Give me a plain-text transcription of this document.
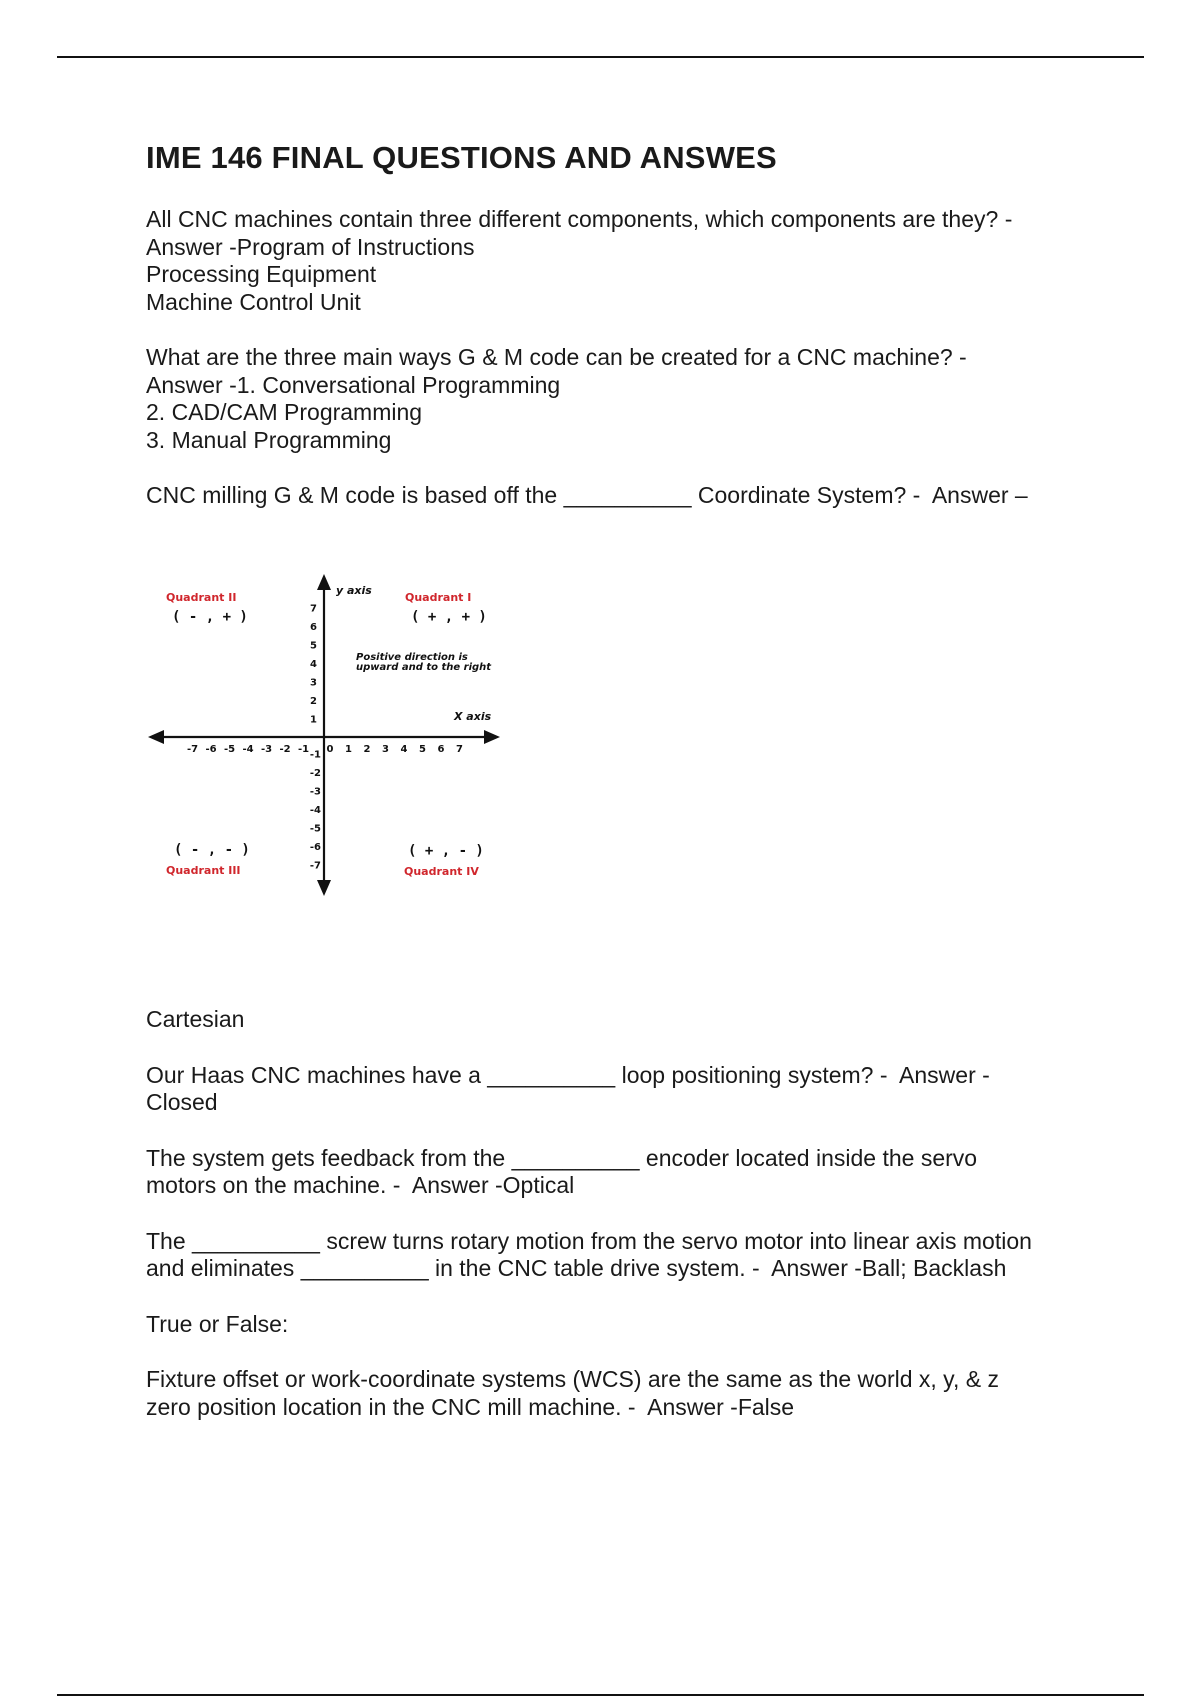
IME 146 FINAL QUESTIONS AND ANSWES

All CNC machines contain three different components, which components are they? -

Answer -Program of Instructions

Processing Equipment

Machine Control Unit

What are the three main ways G & M code can be created for a CNC machine? -

Answer -1. Conversational Programming

2. CAD/CAM Programming

3. Manual Programming

CNC milling G & M code is based off the __________ Coordinate System? -  Answer –

y axis
X axis
Quadrant II
( - , + )
Quadrant I
( + , + )
( - , - )
Quadrant III
( + , - )
Quadrant IV
Positive direction is
upward and to the right
-7 -6 -5 -4 -3 -2 -1 0 1 2 3 4 5 6 7
7
6
5
4
3
2
1
-1
-2
-3
-4
-5
-6
-7

Cartesian

Our Haas CNC machines have a __________ loop positioning system? -  Answer -

Closed

The system gets feedback from the __________ encoder located inside the servo

motors on the machine. -  Answer -Optical

The __________ screw turns rotary motion from the servo motor into linear axis motion

and eliminates __________ in the CNC table drive system. -  Answer -Ball; Backlash

True or False:

Fixture offset or work-coordinate systems (WCS) are the same as the world x, y, & z

zero position location in the CNC mill machine. -  Answer -False
